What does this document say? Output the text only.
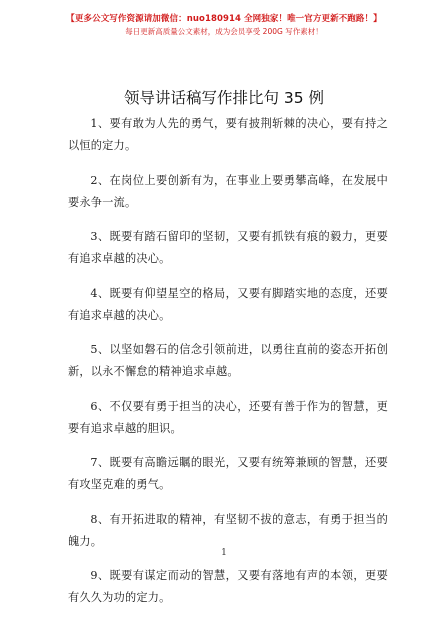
【更多公文写作资源请加微信：nuo180914 全网独家！唯一官方更新不跑路！】
每日更新高质量公文素材，成为会员享受 200G 写作素材！
领导讲话稿写作排比句 35 例

1、要有敢为人先的勇气，要有披荆斩棘的决心，要有持之以恒的定力。

2、在岗位上要创新有为，在事业上要勇攀高峰，在发展中要永争一流。

3、既要有踏石留印的坚韧，又要有抓铁有痕的毅力，更要有追求卓越的决心。

4、既要有仰望星空的格局，又要有脚踏实地的态度，还要有追求卓越的决心。

5、以坚如磐石的信念引领前进，以勇往直前的姿态开拓创新，以永不懈怠的精神追求卓越。

6、不仅要有勇于担当的决心，还要有善于作为的智慧，更要有追求卓越的胆识。

7、既要有高瞻远瞩的眼光，又要有统筹兼顾的智慧，还要有攻坚克难的勇气。

8、有开拓进取的精神，有坚韧不拔的意志，有勇于担当的魄力。

9、既要有谋定而动的智慧，又要有落地有声的本领，更要有久久为功的定力。

1
